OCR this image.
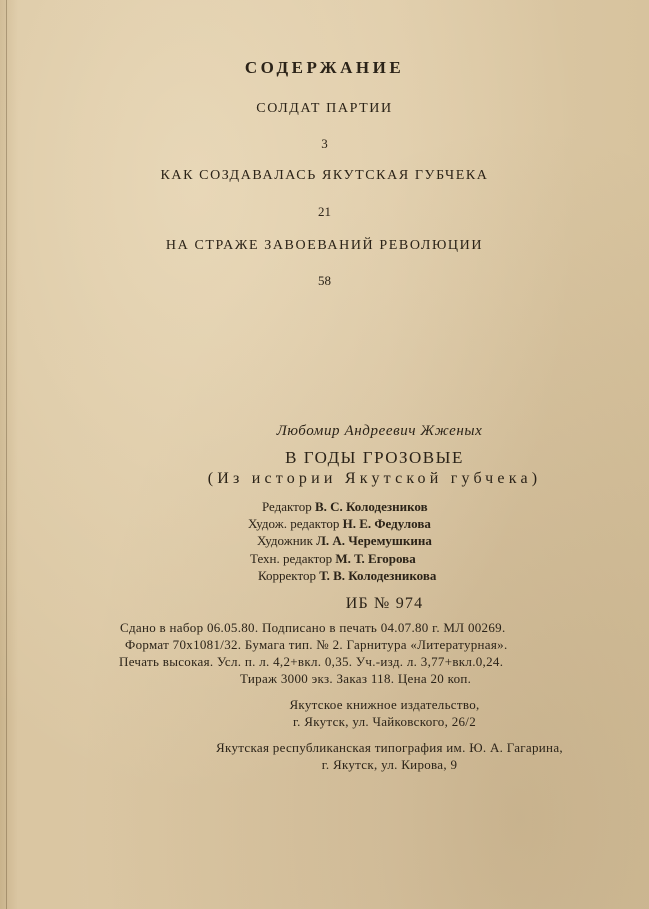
СОДЕРЖАНИЕ
СОЛДАТ ПАРТИИ
3
КАК СОЗДАВАЛАСЬ ЯКУТСКАЯ ГУБЧЕКА
21
НА СТРАЖЕ ЗАВОЕВАНИЙ РЕВОЛЮЦИИ
58
Любомир Андреевич Жженых
В ГОДЫ ГРОЗОВЫЕ
(Из истории Якутской губчека)
Редактор В. С. Колодезников
Худож. редактор Н. Е. Федулова
Художник Л. А. Черемушкина
Техн. редактор М. Т. Егорова
Корректор Т. В. Колодезникова
ИБ № 974
Сдано в набор 06.05.80. Подписано в печать 04.07.80 г. МЛ 00269.
Формат 70х1081/32. Бумага тип. № 2. Гарнитура «Литературная».
Печать высокая. Усл. п. л. 4,2+вкл. 0,35. Уч.-изд. л. 3,77+вкл.0,24.
Тираж 3000 экз. Заказ 118. Цена 20 коп.
Якутское книжное издательство,
г. Якутск, ул. Чайковского, 26/2
Якутская республиканская типография им. Ю. А. Гагарина,
г. Якутск, ул. Кирова, 9
